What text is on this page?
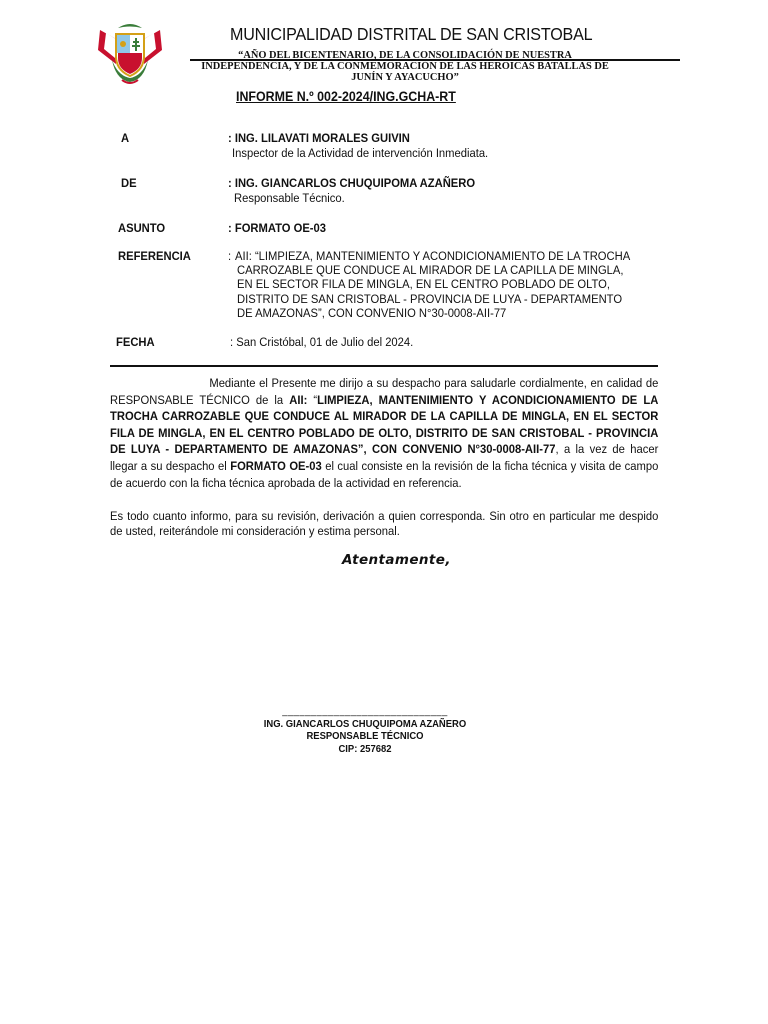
MUNICIPALIDAD DISTRITAL DE SAN CRISTOBAL
“AÑO DEL BICENTENARIO, DE LA CONSOLIDACIÓN DE NUESTRA
INDEPENDENCIA, Y DE LA CONMEMORACIÓN DE LAS HEROICAS BATALLAS DE
JUNÍN Y AYACUCHO”
INFORME N.º 002-2024/ING.GCHA-RT
A	: ING. LILAVATI MORALES GUIVIN
Inspector de la Actividad de intervención Inmediata.
DE	: ING. GIANCARLOS CHUQUIPOMA AZAÑERO
Responsable Técnico.
ASUNTO	: FORMATO OE-03
REFERENCIA	: AII: “LIMPIEZA, MANTENIMIENTO Y ACONDICIONAMIENTO DE LA TROCHA
CARROZABLE QUE CONDUCE AL MIRADOR DE LA CAPILLA DE MINGLA,
EN EL SECTOR FILA DE MINGLA, EN EL CENTRO POBLADO DE OLTO,
DISTRITO DE SAN CRISTOBAL - PROVINCIA DE LUYA - DEPARTAMENTO
DE AMAZONAS”, CON CONVENIO N°30-0008-AII-77
FECHA	: San Cristóbal, 01 de Julio del 2024.
Mediante el Presente me dirijo a su despacho para saludarle cordialmente, en calidad de RESPONSABLE TÉCNICO de la AII: “LIMPIEZA, MANTENIMIENTO Y ACONDICIONAMIENTO DE LA TROCHA CARROZABLE QUE CONDUCE AL MIRADOR DE LA CAPILLA DE MINGLA, EN EL SECTOR FILA DE MINGLA, EN EL CENTRO POBLADO DE OLTO, DISTRITO DE SAN CRISTOBAL - PROVINCIA DE LUYA - DEPARTAMENTO DE AMAZONAS”, CON CONVENIO N°30-0008-AII-77, a la vez de hacer llegar a su despacho el FORMATO OE-03 el cual consiste en la revisión de la ficha técnica y visita de campo de acuerdo con la ficha técnica aprobada de la actividad en referencia.
Es todo cuanto informo, para su revisión, derivación a quien corresponda. Sin otro en particular me despido de usted, reiterándole mi consideración y estima personal.
Atentamente,
_____________________________
ING. GIANCARLOS CHUQUIPOMA AZAÑERO
RESPONSABLE TÉCNICO
CIP: 257682
